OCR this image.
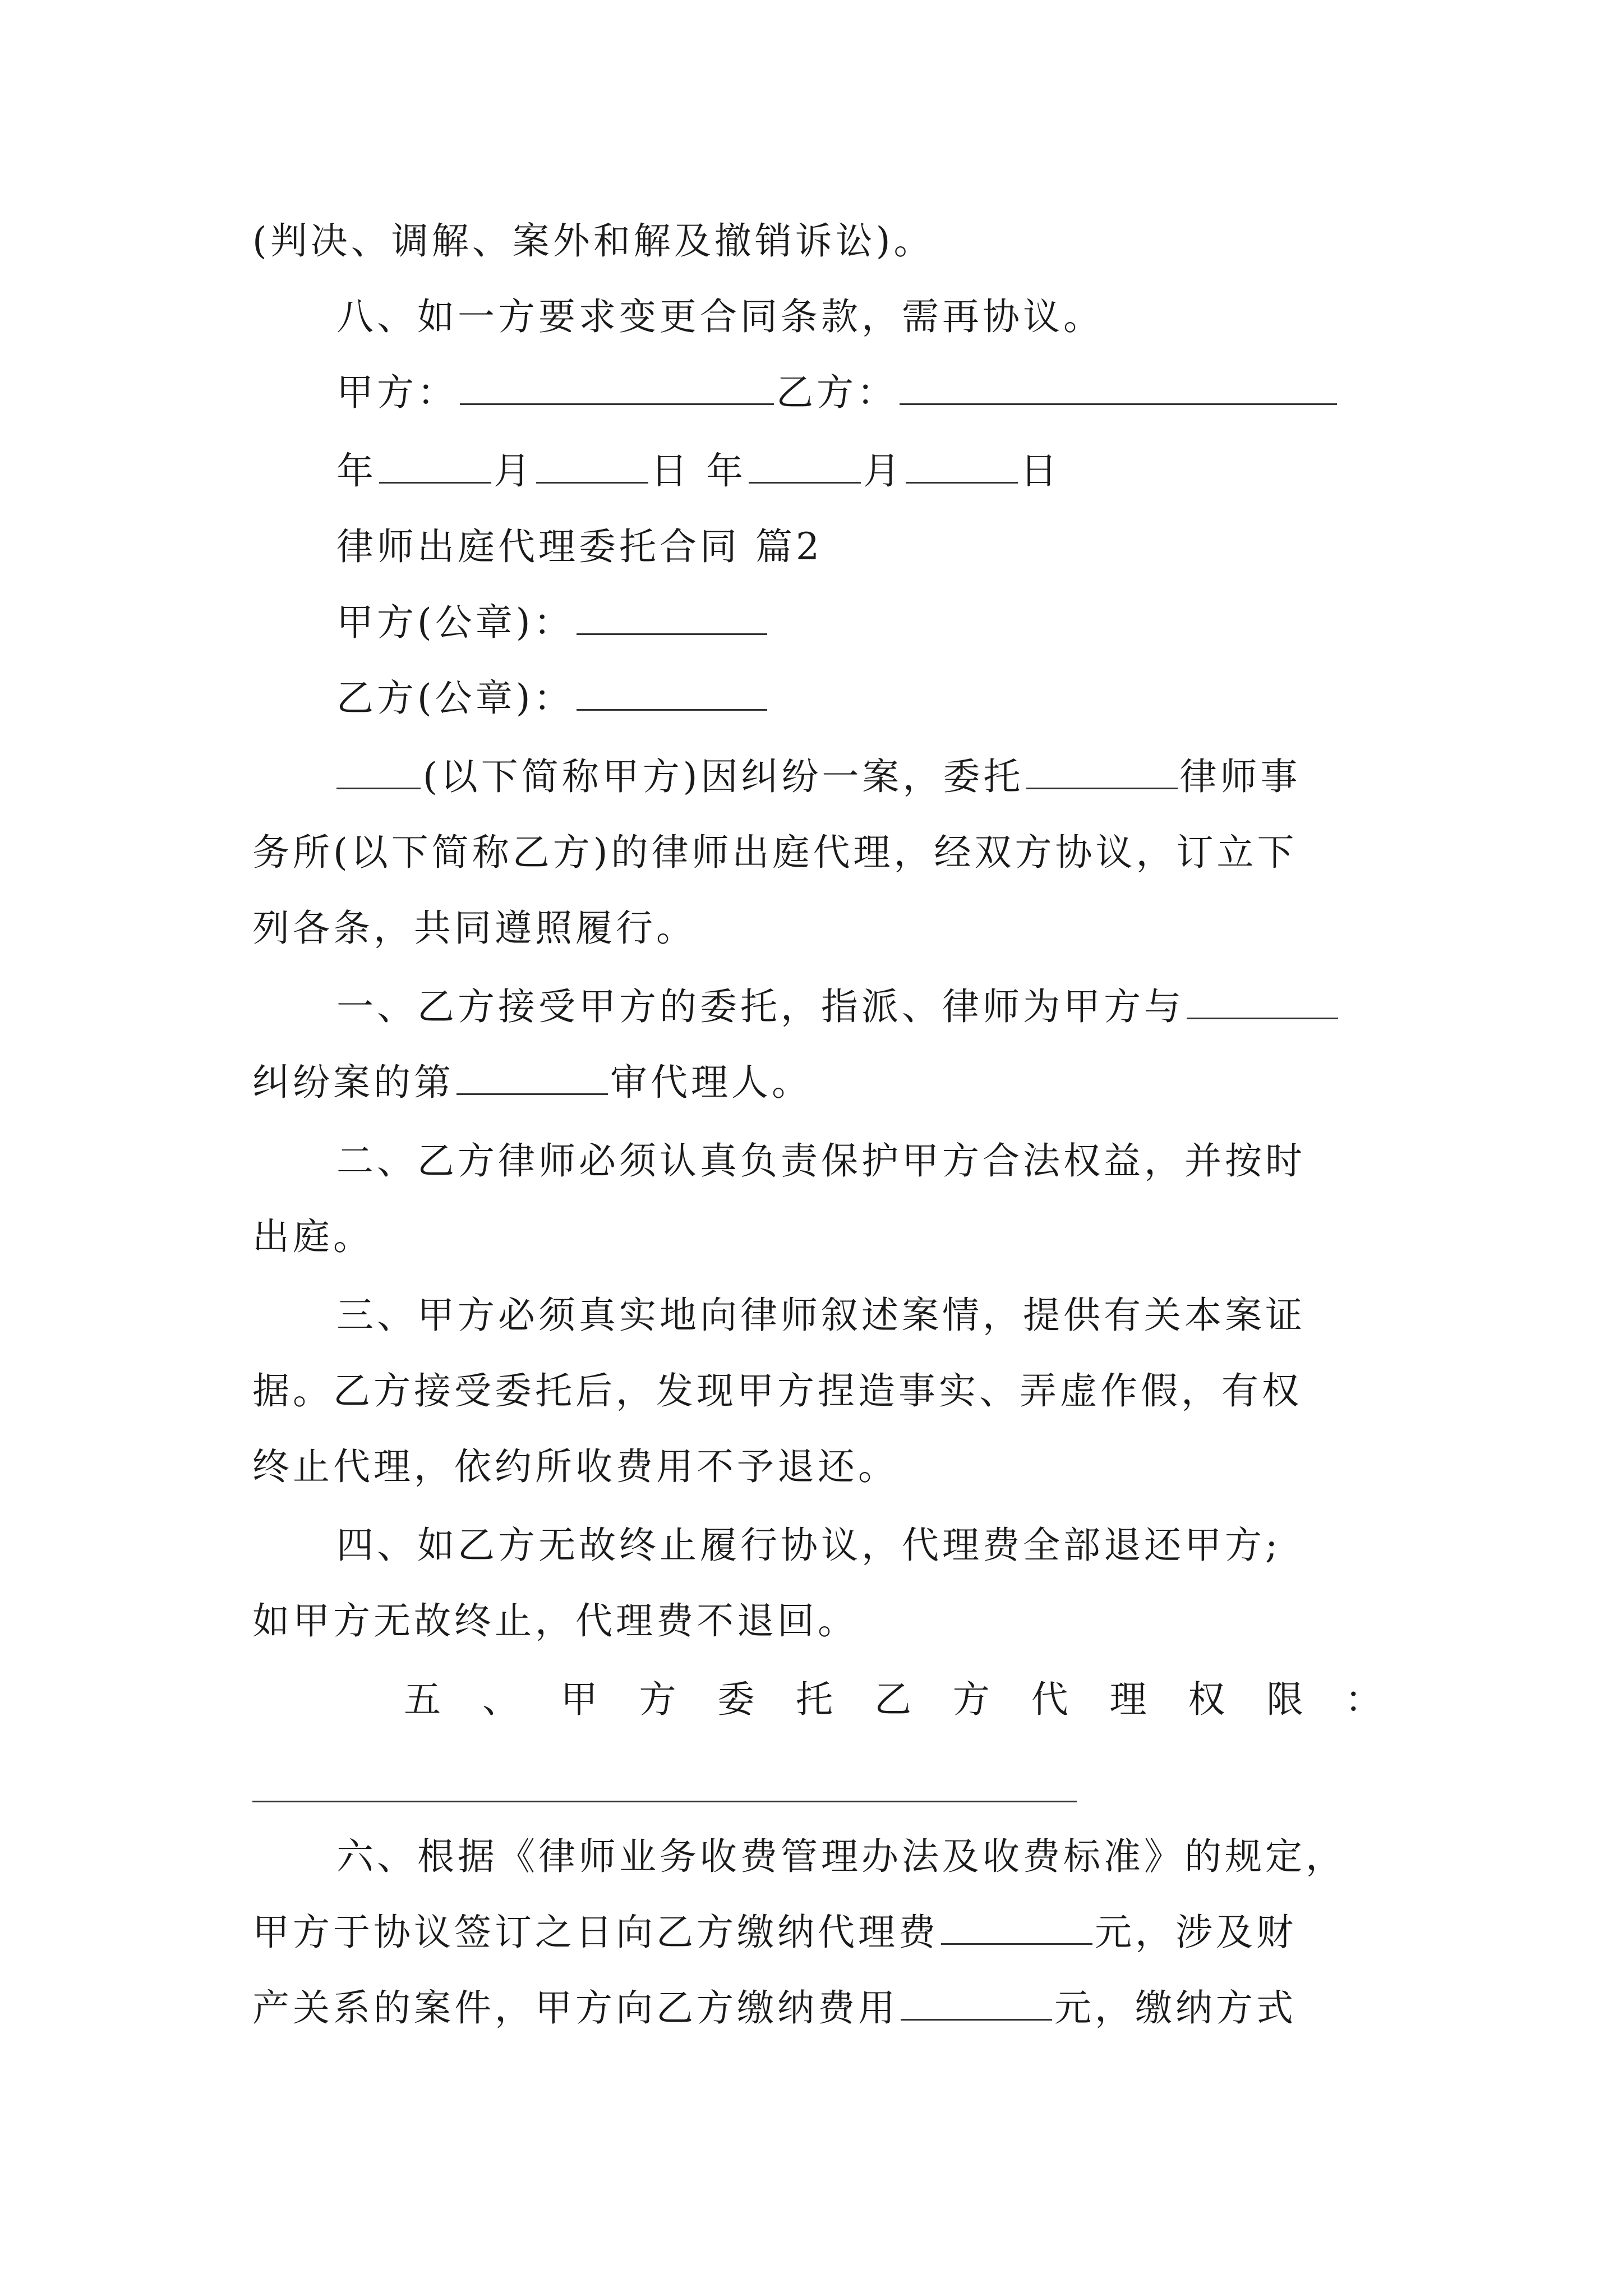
(判决、调解、案外和解及撤销诉讼)。
八、如一方要求变更合同条款，需再协议。
甲方：	乙方：
年	月	日 年	月	日
律师出庭代理委托合同 篇2
甲方(公章)：
乙方(公章)：
(以下简称甲方)因纠纷一案，委托	律师事
务所(以下简称乙方)的律师出庭代理，经双方协议，订立下
列各条，共同遵照履行。
一、乙方接受甲方的委托，指派、律师为甲方与
纠纷案的第	审代理人。
二、乙方律师必须认真负责保护甲方合法权益，并按时
出庭。
三、甲方必须真实地向律师叙述案情，提供有关本案证
据。乙方接受委托后，发现甲方捏造事实、弄虚作假，有权
终止代理，依约所收费用不予退还。
四、如乙方无故终止履行协议，代理费全部退还甲方;
如甲方无故终止，代理费不退回。
五 、 甲 方 委 托 乙 方 代 理 权 限 ：
六、根据《律师业务收费管理办法及收费标准》的规定，
甲方于协议签订之日向乙方缴纳代理费	元，涉及财
产关系的案件，甲方向乙方缴纳费用	元，缴纳方式
